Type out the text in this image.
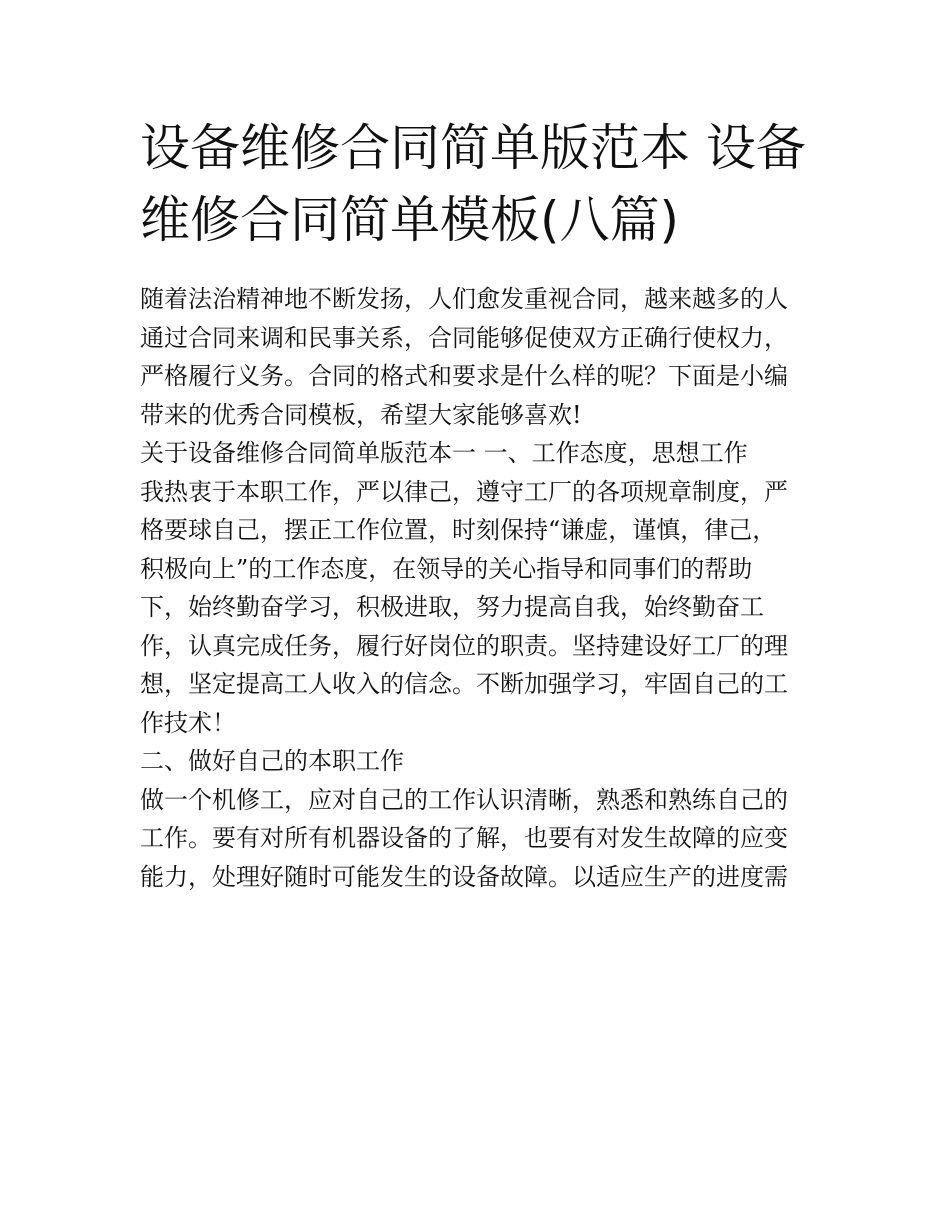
设备维修合同简单版范本 设备
维修合同简单模板(八篇)
随着法治精神地不断发扬，人们愈发重视合同，越来越多的人
通过合同来调和民事关系，合同能够促使双方正确行使权力，
严格履行义务。合同的格式和要求是什么样的呢？下面是小编
带来的优秀合同模板，希望大家能够喜欢!
关于设备维修合同简单版范本一 一、工作态度，思想工作
我热衷于本职工作，严以律己，遵守工厂的各项规章制度，严
格要球自己，摆正工作位置，时刻保持“谦虚，谨慎，律己，
积极向上”的工作态度，在领导的关心指导和同事们的帮助
下，始终勤奋学习，积极进取，努力提高自我，始终勤奋工
作，认真完成任务，履行好岗位的职责。坚持建设好工厂的理
想，坚定提高工人收入的信念。不断加强学习，牢固自己的工
作技术！
二、做好自己的本职工作
做一个机修工，应对自己的工作认识清晰，熟悉和熟练自己的
工作。要有对所有机器设备的了解，也要有对发生故障的应变
能力，处理好随时可能发生的设备故障。以适应生产的进度需
